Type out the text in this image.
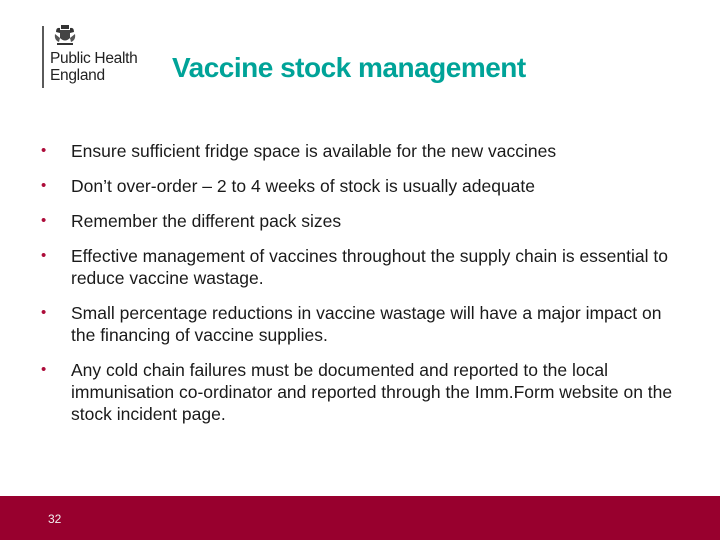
Public Health
England	Vaccine stock management
• Ensure sufficient fridge space is available for the new vaccines
• Don’t over-order – 2 to 4 weeks of stock is usually adequate
• Remember the different pack sizes
• Effective management of vaccines throughout the supply chain is essential to reduce vaccine wastage.
• Small percentage reductions in vaccine wastage will have a major impact on the financing of vaccine supplies.
• Any cold chain failures must be documented and reported to the local immunisation co-ordinator and reported through the Imm.Form website on the stock incident page.
32
